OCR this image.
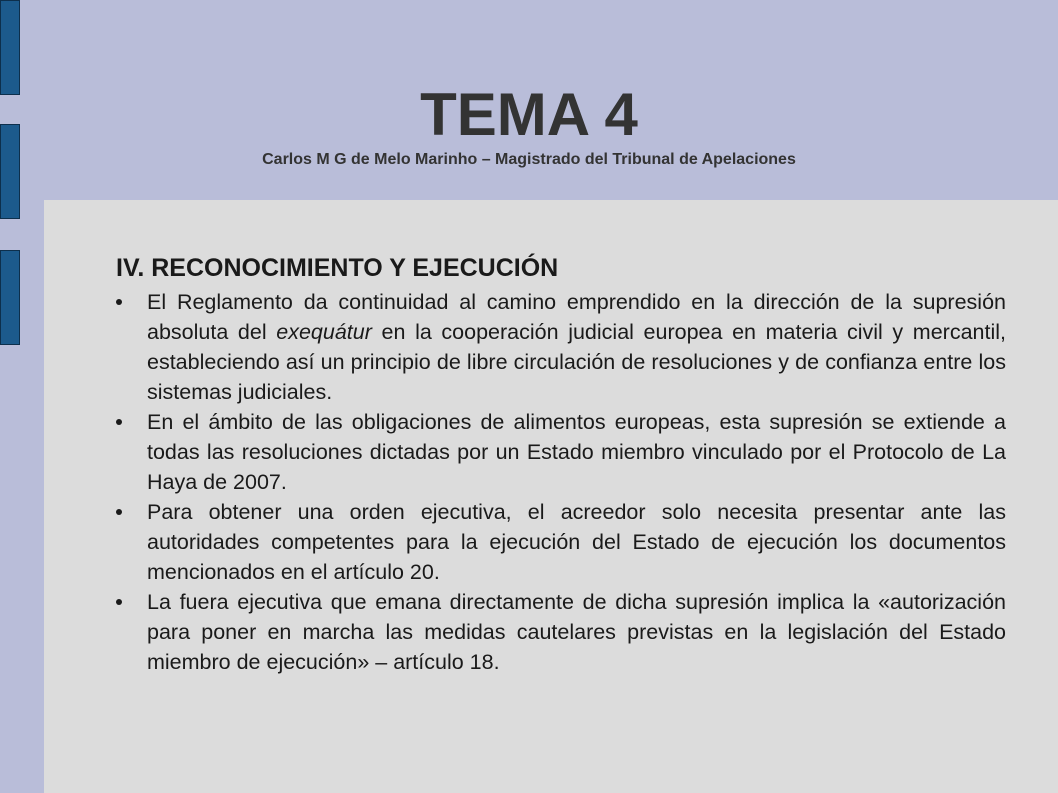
TEMA 4

Carlos M G de Melo Marinho – Magistrado del Tribunal de Apelaciones

IV. RECONOCIMIENTO Y EJECUCIÓN
El Reglamento da continuidad al camino emprendido en la dirección de la supresión absoluta del exequátur en la cooperación judicial europea en materia civil y mercantil, estableciendo así un principio de libre circulación de resoluciones y de confianza entre los sistemas judiciales.
En el ámbito de las obligaciones de alimentos europeas, esta supresión se extiende a todas las resoluciones dictadas por un Estado miembro vinculado por el Protocolo de La Haya de 2007.
Para obtener una orden ejecutiva, el acreedor solo necesita presentar ante las autoridades competentes para la ejecución del Estado de ejecución los documentos mencionados en el artículo 20.
La fuera ejecutiva que emana directamente de dicha supresión implica la «autorización para poner en marcha las medidas cautelares previstas en la legislación del Estado miembro de ejecución» – artículo 18.
